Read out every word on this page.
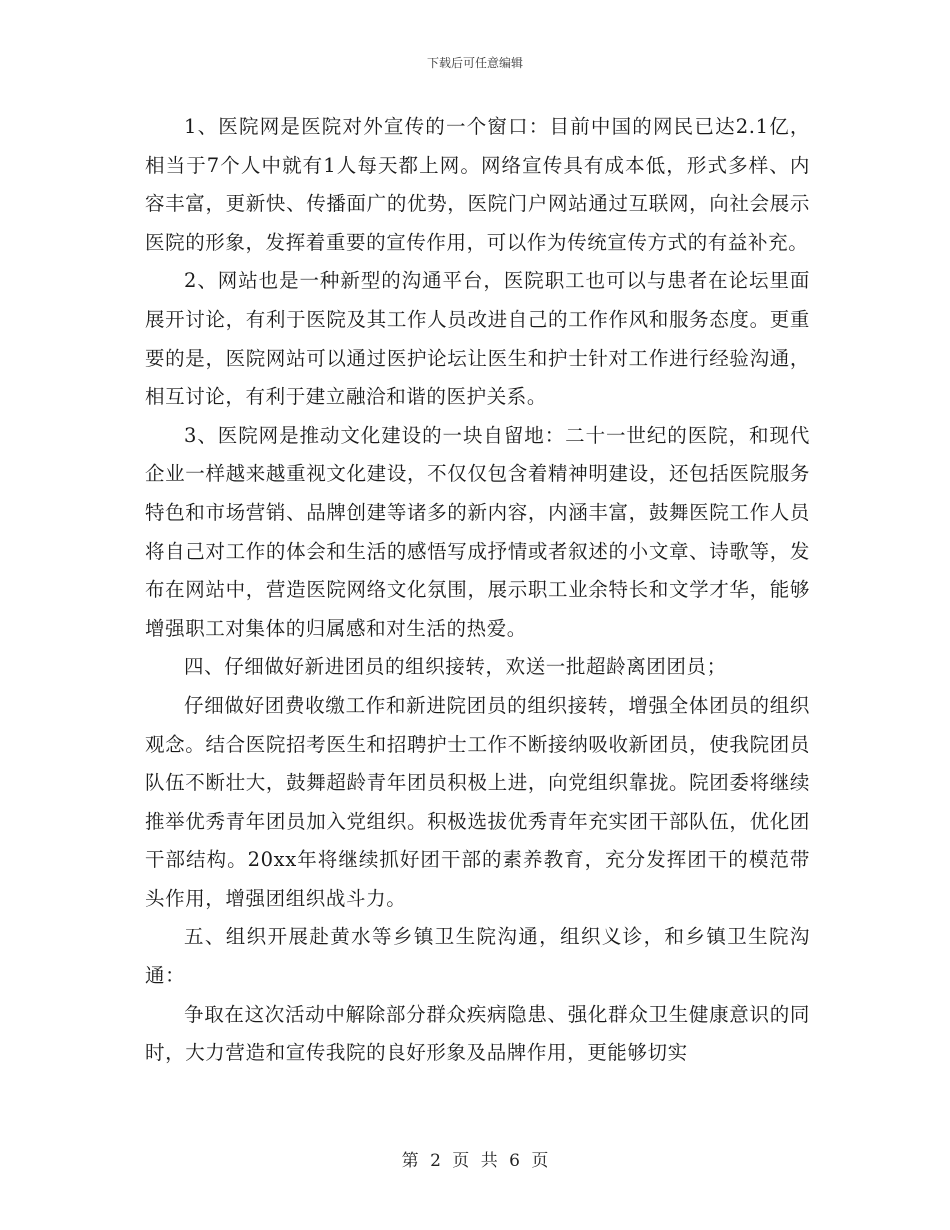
下载后可任意编辑

1、医院网是医院对外宣传的一个窗口：目前中国的网民已达2.1亿，相当于7个人中就有1人每天都上网。网络宣传具有成本低，形式多样、内容丰富，更新快、传播面广的优势，医院门户网站通过互联网，向社会展示医院的形象，发挥着重要的宣传作用，可以作为传统宣传方式的有益补充。

2、网站也是一种新型的沟通平台，医院职工也可以与患者在论坛里面展开讨论，有利于医院及其工作人员改进自己的工作作风和服务态度。更重要的是，医院网站可以通过医护论坛让医生和护士针对工作进行经验沟通，相互讨论，有利于建立融洽和谐的医护关系。

3、医院网是推动文化建设的一块自留地：二十一世纪的医院，和现代企业一样越来越重视文化建设，不仅仅包含着精神明建设，还包括医院服务特色和市场营销、品牌创建等诸多的新内容，内涵丰富，鼓舞医院工作人员将自己对工作的体会和生活的感悟写成抒情或者叙述的小文章、诗歌等，发布在网站中，营造医院网络文化氛围，展示职工业余特长和文学才华，能够增强职工对集体的归属感和对生活的热爱。

四、仔细做好新进团员的组织接转，欢送一批超龄离团团员；

仔细做好团费收缴工作和新进院团员的组织接转，增强全体团员的组织观念。结合医院招考医生和招聘护士工作不断接纳吸收新团员，使我院团员队伍不断壮大，鼓舞超龄青年团员积极上进，向党组织靠拢。院团委将继续推举优秀青年团员加入党组织。积极选拔优秀青年充实团干部队伍，优化团干部结构。20xx年将继续抓好团干部的素养教育，充分发挥团干的模范带头作用，增强团组织战斗力。

五、组织开展赴黄水等乡镇卫生院沟通，组织义诊，和乡镇卫生院沟通：

争取在这次活动中解除部分群众疾病隐患、强化群众卫生健康意识的同时，大力营造和宣传我院的良好形象及品牌作用，更能够切实

第 2 页 共 6 页
